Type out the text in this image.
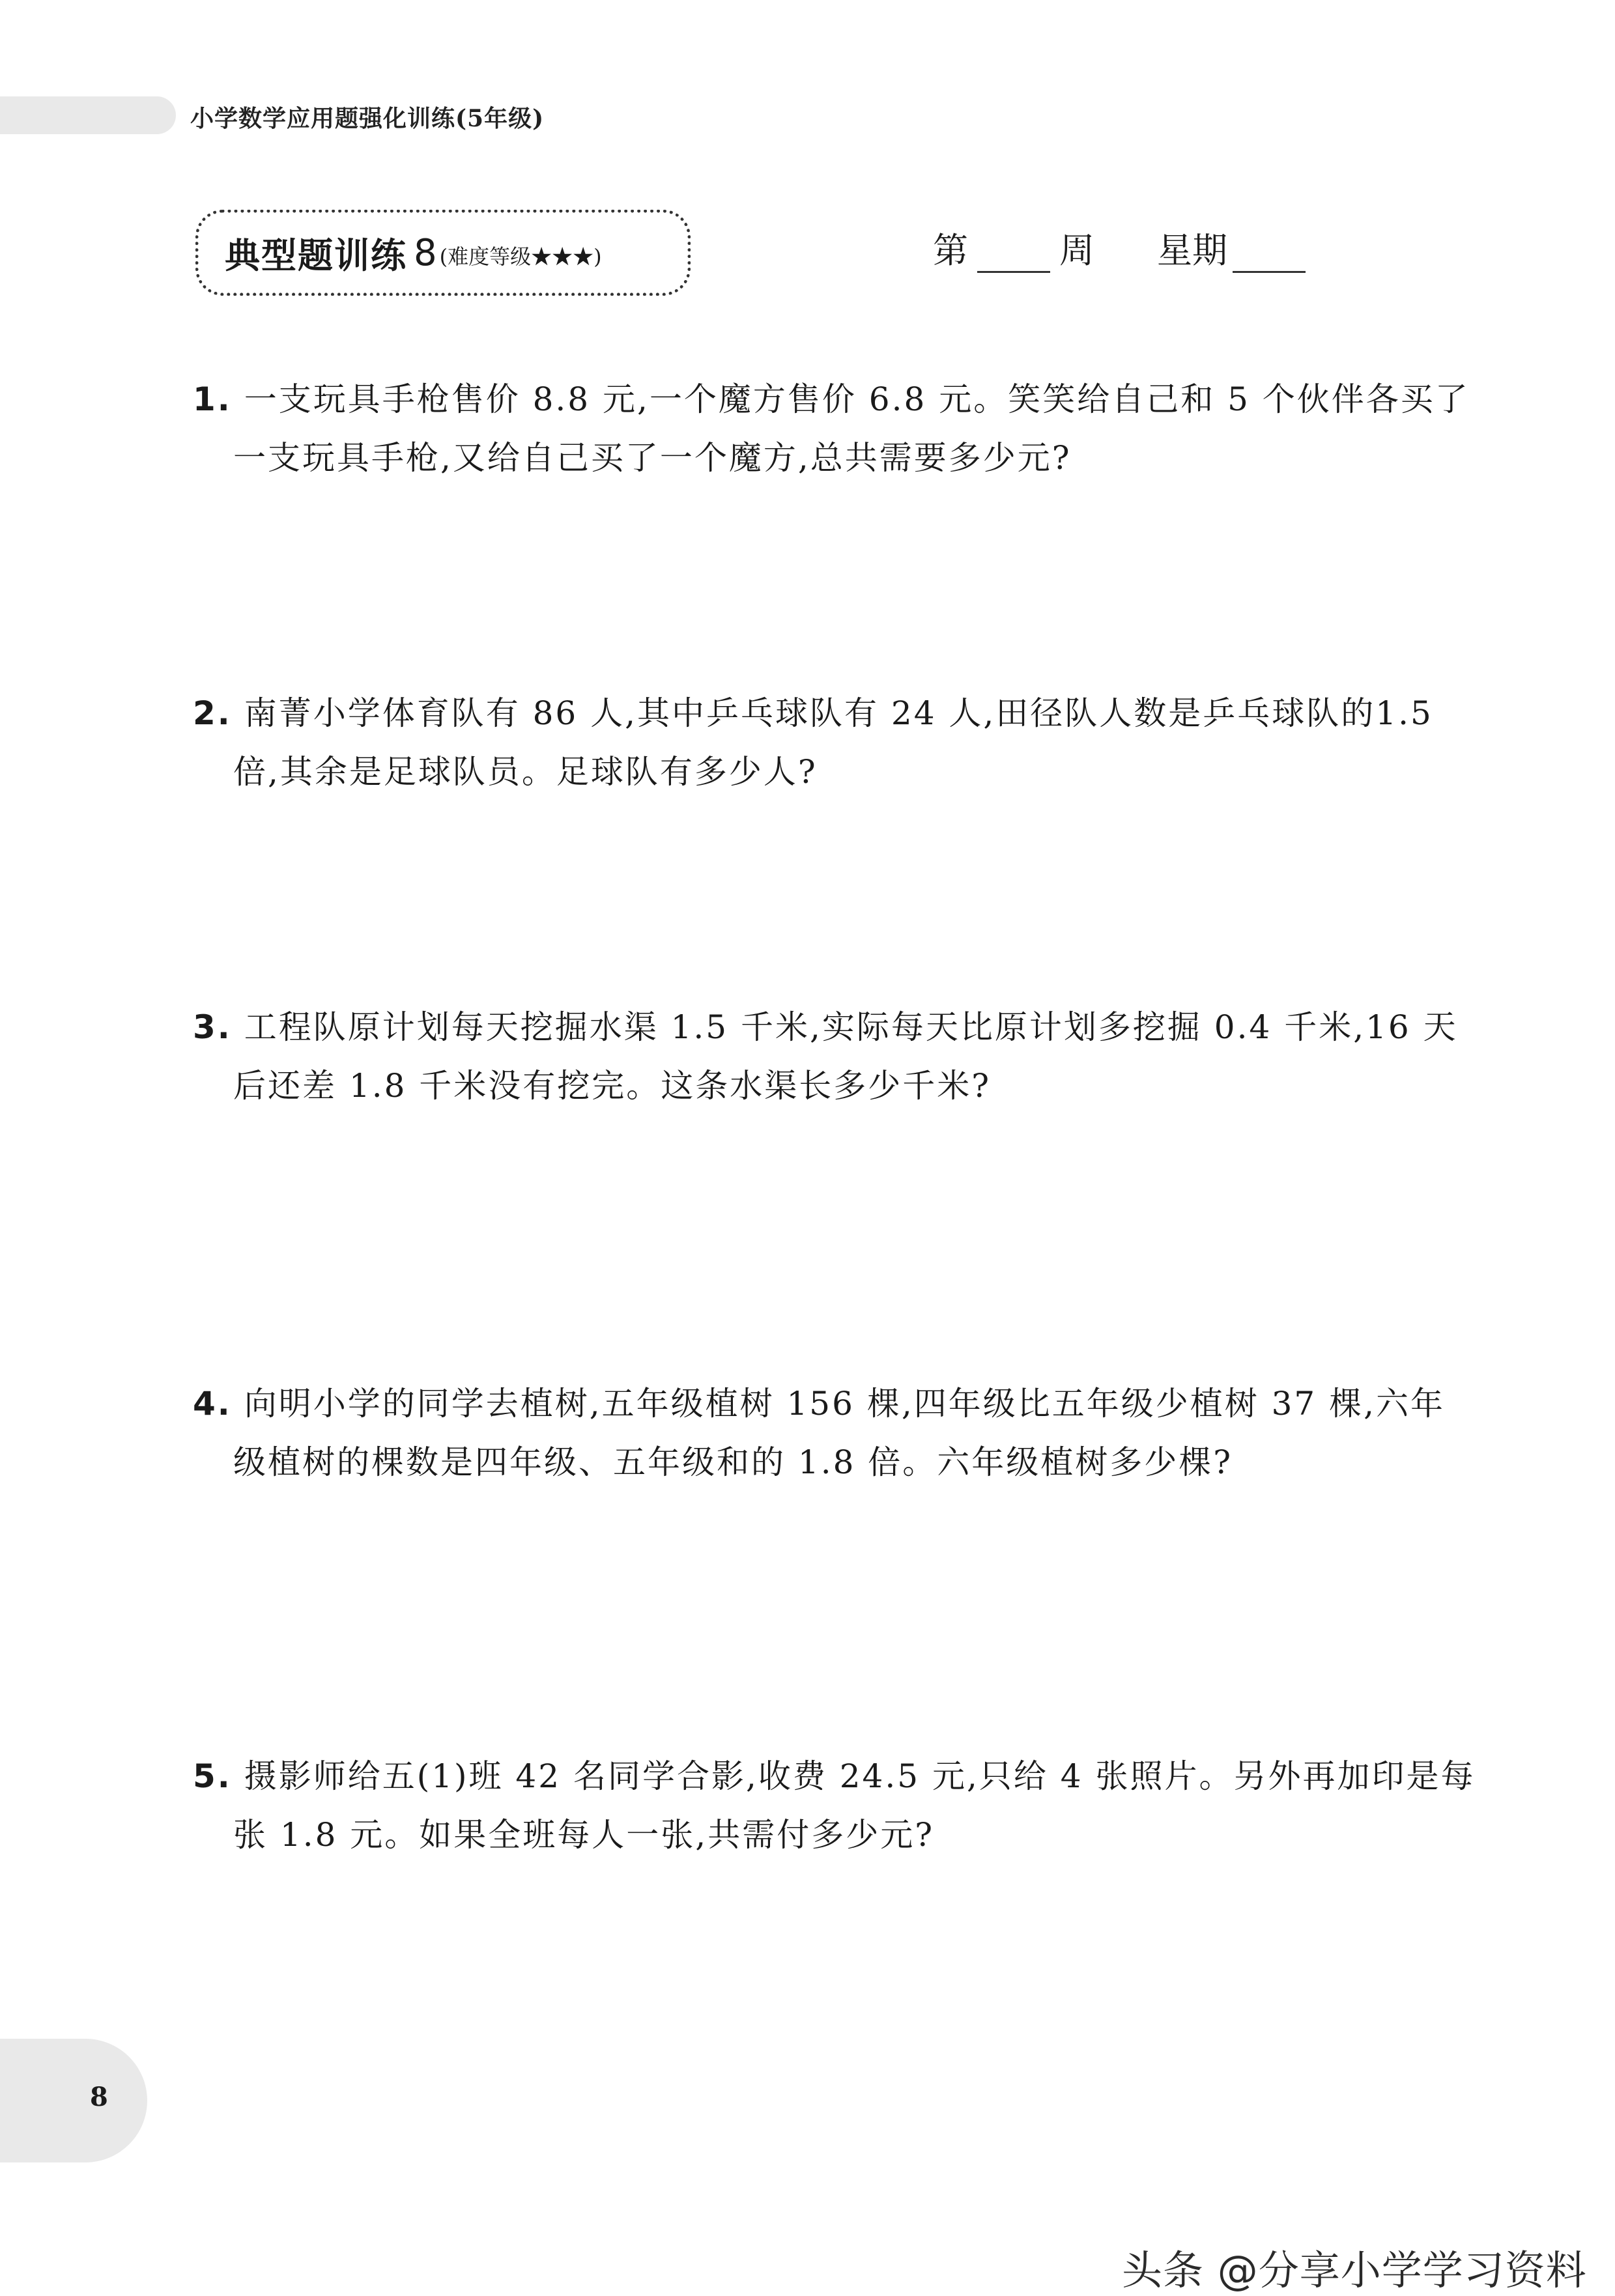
小学数学应用题强化训练(5年级)
典型题训练 8 (难度等级★★★)	第	周 星期
1. 一支玩具手枪售价 8.8 元,一个魔方售价 6.8 元。笑笑给自己和 5 个伙伴各买了
一支玩具手枪,又给自己买了一个魔方,总共需要多少元?
2. 南菁小学体育队有 86 人,其中乒乓球队有 24 人,田径队人数是乒乓球队的1.5
倍,其余是足球队员。足球队有多少人?
3. 工程队原计划每天挖掘水渠 1.5 千米,实际每天比原计划多挖掘 0.4 千米,16 天
后还差 1.8 千米没有挖完。这条水渠长多少千米?
4. 向明小学的同学去植树,五年级植树 156 棵,四年级比五年级少植树 37 棵,六年
级植树的棵数是四年级、五年级和的 1.8 倍。六年级植树多少棵?
5. 摄影师给五(1)班 42 名同学合影,收费 24.5 元,只给 4 张照片。另外再加印是每
张 1.8 元。如果全班每人一张,共需付多少元?
8
头条 @分享小学学习资料
